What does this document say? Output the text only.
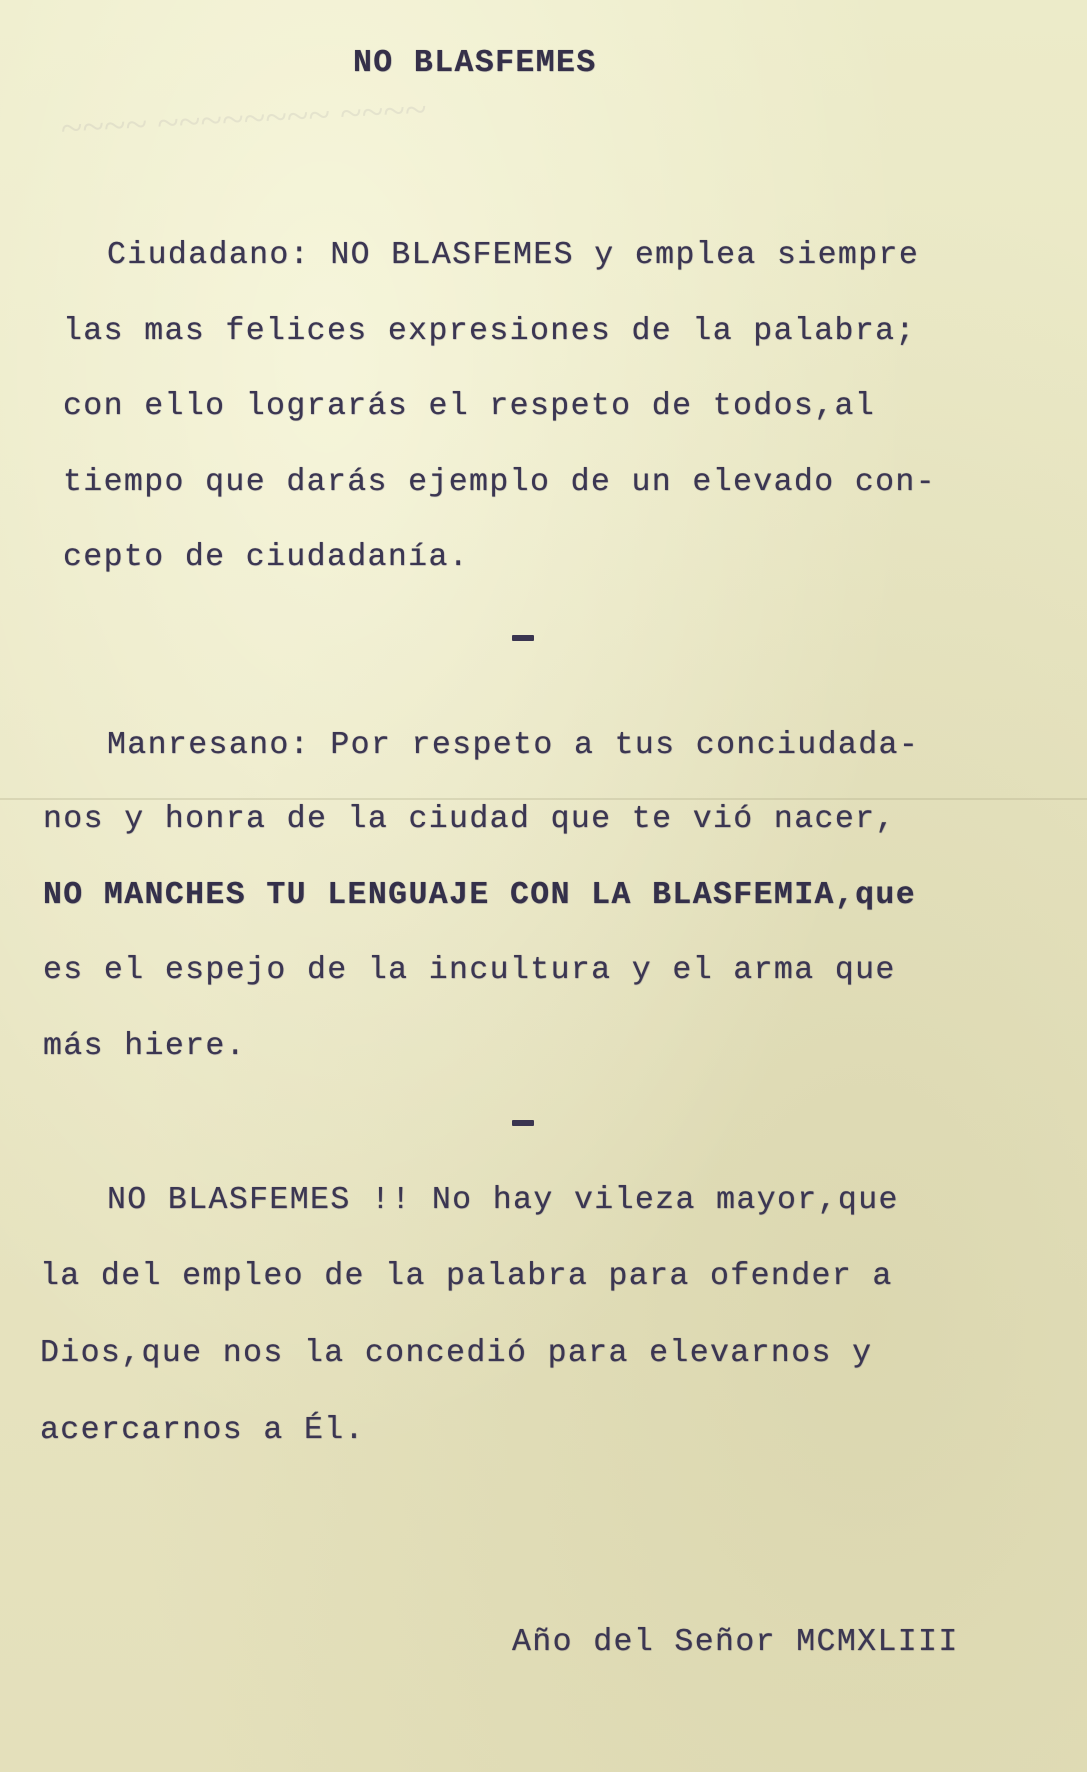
~~~~ ~~~~~~~~ ~~~~
NO BLASFEMES
Ciudadano: NO BLASFEMES y emplea siempre
las mas felices expresiones de la palabra;
con ello lograrás el respeto de todos,al
tiempo que darás ejemplo de un elevado con-
cepto de ciudadanía.
Manresano: Por respeto a tus conciudada-
nos y honra de la ciudad que te vió nacer,
NO MANCHES TU LENGUAJE CON LA BLASFEMIA,que
es el espejo de la incultura y el arma que
más hiere.
NO BLASFEMES !! No hay vileza mayor,que
la del empleo de la palabra para ofender a
Dios,que nos la concedió para elevarnos y
acercarnos a Él.
Año del Señor MCMXLIII
